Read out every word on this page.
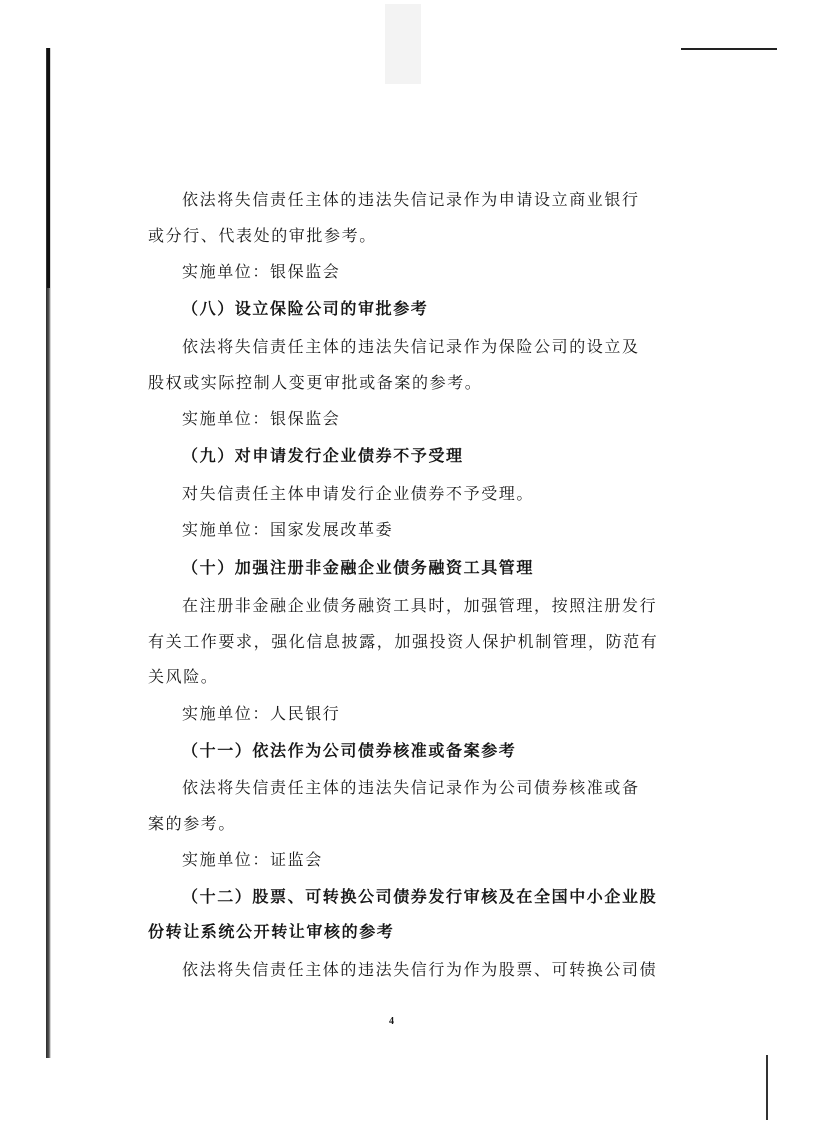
依法将失信责任主体的违法失信记录作为申请设立商业银行
或分行、代表处的审批参考。
实施单位：银保监会
（八）设立保险公司的审批参考
依法将失信责任主体的违法失信记录作为保险公司的设立及
股权或实际控制人变更审批或备案的参考。
实施单位：银保监会
（九）对申请发行企业债券不予受理
对失信责任主体申请发行企业债券不予受理。
实施单位：国家发展改革委
（十）加强注册非金融企业债务融资工具管理
在注册非金融企业债务融资工具时，加强管理，按照注册发行
有关工作要求，强化信息披露，加强投资人保护机制管理，防范有
关风险。
实施单位：人民银行
（十一）依法作为公司债券核准或备案参考
依法将失信责任主体的违法失信记录作为公司债券核准或备
案的参考。
实施单位：证监会
（十二）股票、可转换公司债券发行审核及在全国中小企业股
份转让系统公开转让审核的参考
依法将失信责任主体的违法失信行为作为股票、可转换公司债
4
